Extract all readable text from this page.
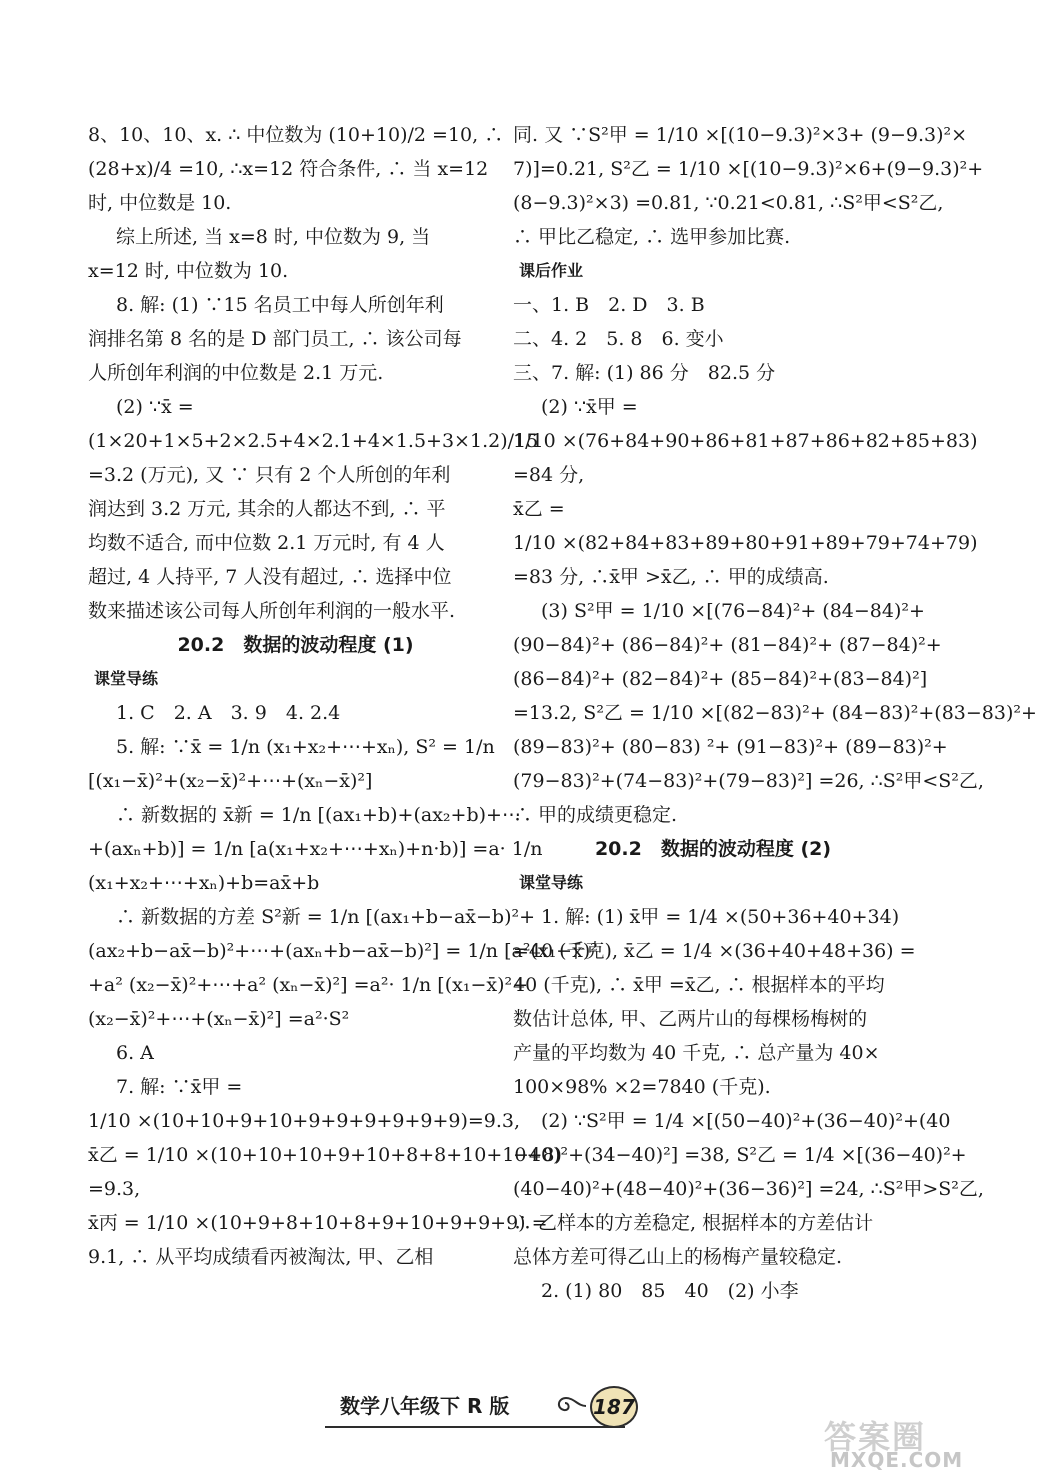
8、10、10、x. ∴ 中位数为 (10+10)/2 =10, ∴
(28+x)/4 =10, ∴x=12 符合条件, ∴ 当 x=12
时, 中位数是 10.
综上所述, 当 x=8 时, 中位数为 9, 当
x=12 时, 中位数为 10.
8. 解: (1) ∵15 名员工中每人所创年利
润排名第 8 名的是 D 部门员工, ∴ 该公司每
人所创年利润的中位数是 2.1 万元.
(2) ∵x̄ =
(1×20+1×5+2×2.5+4×2.1+4×1.5+3×1.2)/15
=3.2 (万元), 又 ∵ 只有 2 个人所创的年利
润达到 3.2 万元, 其余的人都达不到, ∴ 平
均数不适合, 而中位数 2.1 万元时, 有 4 人
超过, 4 人持平, 7 人没有超过, ∴ 选择中位
数来描述该公司每人所创年利润的一般水平.
20.2　数据的波动程度 (1)
课堂导练
1. C　2. A　3. 9　4. 2.4
5. 解: ∵x̄ = 1/n (x₁+x₂+⋯+xₙ), S² = 1/n
[(x₁−x̄)²+(x₂−x̄)²+⋯+(xₙ−x̄)²]
∴ 新数据的 x̄新 = 1/n [(ax₁+b)+(ax₂+b)+⋯
+(axₙ+b)] = 1/n [a(x₁+x₂+⋯+xₙ)+n·b)] =a· 1/n
(x₁+x₂+⋯+xₙ)+b=ax̄+b
∴ 新数据的方差 S²新 = 1/n [(ax₁+b−ax̄−b)²+
(ax₂+b−ax̄−b)²+⋯+(axₙ+b−ax̄−b)²] = 1/n [a²(x₁−x̄)²
+a² (x₂−x̄)²+⋯+a² (xₙ−x̄)²] =a²· 1/n [(x₁−x̄)²+
(x₂−x̄)²+⋯+(xₙ−x̄)²] =a²·S²
6. A
7. 解: ∵x̄甲 =
1/10 ×(10+10+9+10+9+9+9+9+9+9)=9.3,
x̄乙 = 1/10 ×(10+10+10+9+10+8+8+10+10+8)
=9.3,
x̄丙 = 1/10 ×(10+9+8+10+8+9+10+9+9+9) =
9.1, ∴ 从平均成绩看丙被淘汰, 甲、乙相
同. 又 ∵S²甲 = 1/10 ×[(10−9.3)²×3+ (9−9.3)²×
7)]=0.21, S²乙 = 1/10 ×[(10−9.3)²×6+(9−9.3)²+
(8−9.3)²×3) =0.81, ∵0.21<0.81, ∴S²甲<S²乙,
∴ 甲比乙稳定, ∴ 选甲参加比赛.
课后作业
一、1. B　2. D　3. B
二、4. 2　5. 8　6. 变小
三、7. 解: (1) 86 分　82.5 分
(2) ∵x̄甲 =
1/10 ×(76+84+90+86+81+87+86+82+85+83)
=84 分,
x̄乙 =
1/10 ×(82+84+83+89+80+91+89+79+74+79)
=83 分, ∴x̄甲 >x̄乙, ∴ 甲的成绩高.
(3) S²甲 = 1/10 ×[(76−84)²+ (84−84)²+
(90−84)²+ (86−84)²+ (81−84)²+ (87−84)²+
(86−84)²+ (82−84)²+ (85−84)²+(83−84)²]
=13.2, S²乙 = 1/10 ×[(82−83)²+ (84−83)²+(83−83)²+
(89−83)²+ (80−83) ²+ (91−83)²+ (89−83)²+
(79−83)²+(74−83)²+(79−83)²] =26, ∴S²甲<S²乙,
∴ 甲的成绩更稳定.
20.2　数据的波动程度 (2)
课堂导练
1. 解: (1) x̄甲 = 1/4 ×(50+36+40+34)
=40 (千克), x̄乙 = 1/4 ×(36+40+48+36) =
40 (千克), ∴ x̄甲 =x̄乙, ∴ 根据样本的平均
数估计总体, 甲、乙两片山的每棵杨梅树的
产量的平均数为 40 千克, ∴ 总产量为 40×
100×98% ×2=7840 (千克).
(2) ∵S²甲 = 1/4 ×[(50−40)²+(36−40)²+(40
−40)²+(34−40)²] =38, S²乙 = 1/4 ×[(36−40)²+
(40−40)²+(48−40)²+(36−36)²] =24, ∴S²甲>S²乙,
∴ 乙样本的方差稳定, 根据样本的方差估计
总体方差可得乙山上的杨梅产量较稳定.
2. (1) 80　85　40　(2) 小李
数学八年级下 R 版	187
答案圈
MXQE.COM
